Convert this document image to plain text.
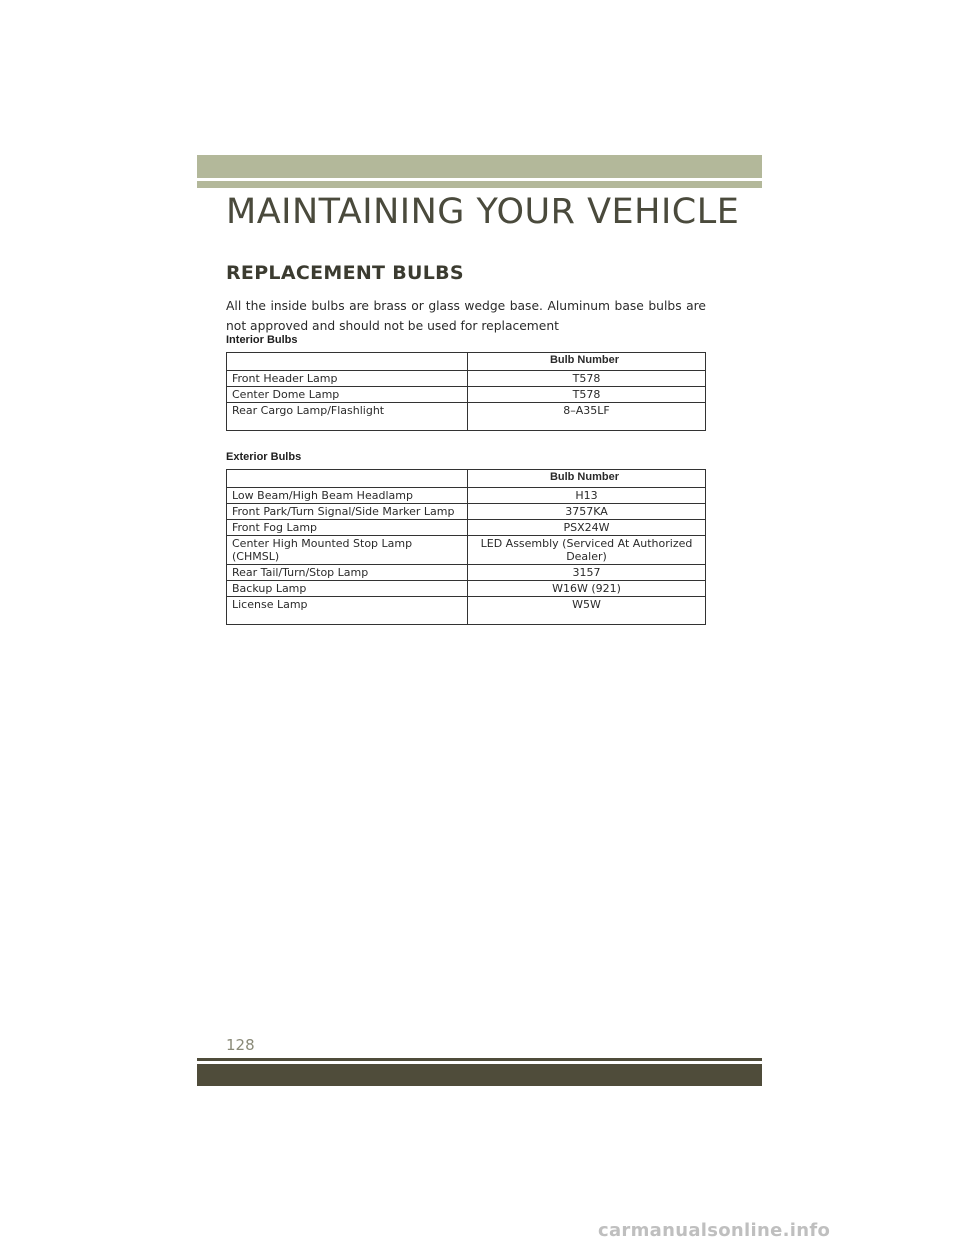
MAINTAINING YOUR VEHICLE
REPLACEMENT BULBS

All the inside bulbs are brass or glass wedge base. Aluminum base bulbs are not approved and should not be used for replacement

Interior Bulbs
	Bulb Number
Front Header Lamp	T578
Center Dome Lamp	T578
Rear Cargo Lamp/Flashlight	8–A35LF
Exterior Bulbs
	Bulb Number
Low Beam/High Beam Headlamp	H13
Front Park/Turn Signal/Side Marker Lamp	3757KA
Front Fog Lamp	PSX24W
Center High Mounted Stop Lamp (CHMSL)	LED Assembly (Serviced At Authorized Dealer)
Rear Tail/Turn/Stop Lamp	3157
Backup Lamp	W16W (921)
License Lamp	W5W
128
carmanualsonline.info
